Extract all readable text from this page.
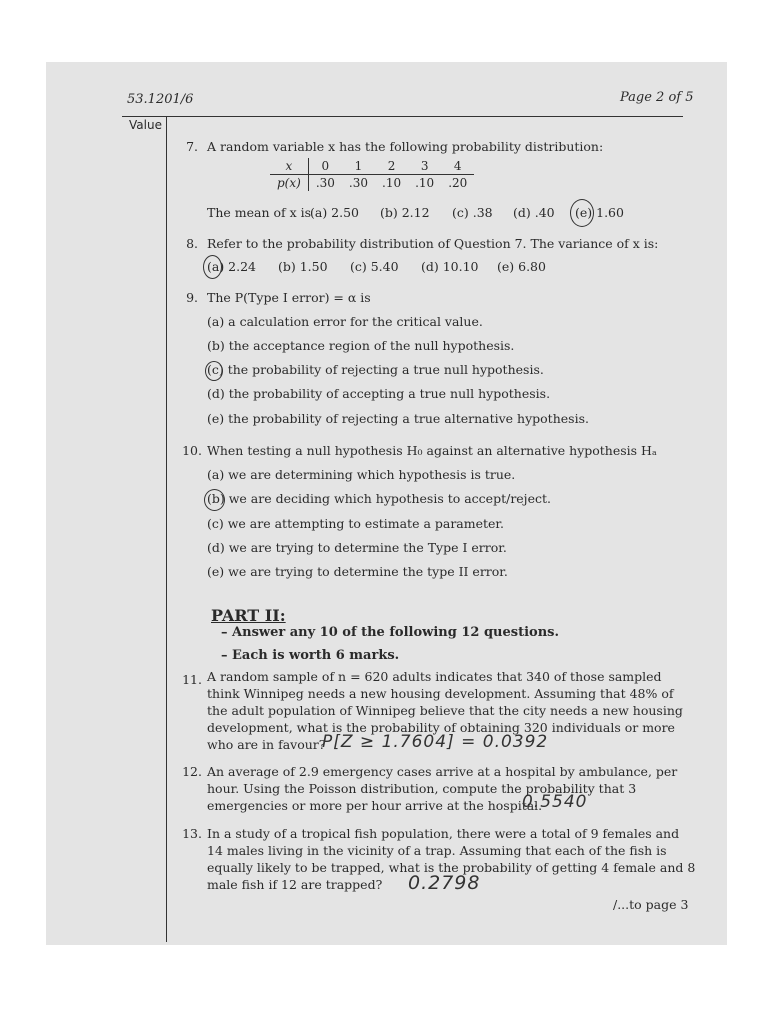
53.1201/6	Page 2 of 5
Value
7. A random variable x has the following probability distribution:
x	0	1	2	3	4
p(x)	.30	.30	.10	.10	.20
The mean of x is
(a) 2.50 (b) 2.12 (c) .38 (d) .40 (e) 1.60
8. Refer to the probability distribution of Question 7. The variance of x is:
(a) 2.24 (b) 1.50 (c) 5.40 (d) 10.10 (e) 6.80
9. The P(Type I error) = α is
(a) a calculation error for the critical value.
(b) the acceptance region of the null hypothesis.
(c) the probability of rejecting a true null hypothesis.
(d) the probability of accepting a true null hypothesis.
(e) the probability of rejecting a true alternative hypothesis.
10. When testing a null hypothesis H₀ against an alternative hypothesis Hₐ
(a) we are determining which hypothesis is true.
(b) we are deciding which hypothesis to accept/reject.
(c) we are attempting to estimate a parameter.
(d) we are trying to determine the Type I error.
(e) we are trying to determine the type II error.
PART II:
– Answer any 10 of the following 12 questions.
– Each is worth 6 marks.
11. A random sample of n = 620 adults indicates that 340 of those sampled
think Winnipeg needs a new housing development. Assuming that 48% of
the adult population of Winnipeg believe that the city needs a new housing
development, what is the probability of obtaining 320 individuals or more
who are in favour?
P[Z ≥ 1.7604] = 0.0392
12. An average of 2.9 emergency cases arrive at a hospital by ambulance, per
hour. Using the Poisson distribution, compute the probability that 3
emergencies or more per hour arrive at the hospital.
0.5540
13. In a study of a tropical fish population, there were a total of 9 females and
14 males living in the vicinity of a trap. Assuming that each of the fish is
equally likely to be trapped, what is the probability of getting 4 female and 8
male fish if 12 are trapped? 0.2798
/...to page 3
